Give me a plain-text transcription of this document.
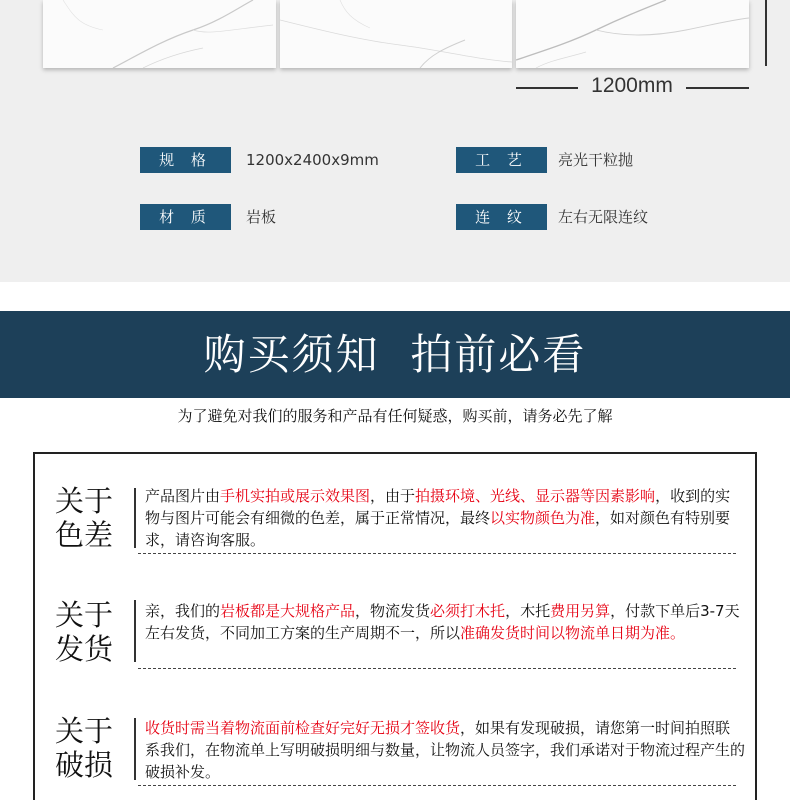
1200mm
规 格	1200x2400x9mm	工 艺	亮光干粒抛
材 质	岩板	连 纹	左右无限连纹
购买须知  拍前必看
为了避免对我们的服务和产品有任何疑惑，购买前，请务必先了解
关于
色差
产品图片由手机实拍或展示效果图，由于拍摄环境、光线、显示器等因素影响，收到的实物与图片可能会有细微的色差，属于正常情况，最终以实物颜色为准，如对颜色有特别要求，请咨询客服。
关于
发货
亲，我们的岩板都是大规格产品，物流发货必须打木托，木托费用另算，付款下单后3-7天左右发货，不同加工方案的生产周期不一，所以准确发货时间以物流单日期为准。
关于
破损
收货时需当着物流面前检查好完好无损才签收货，如果有发现破损，请您第一时间拍照联系我们，在物流单上写明破损明细与数量，让物流人员签字，我们承诺对于物流过程产生的破损补发。
